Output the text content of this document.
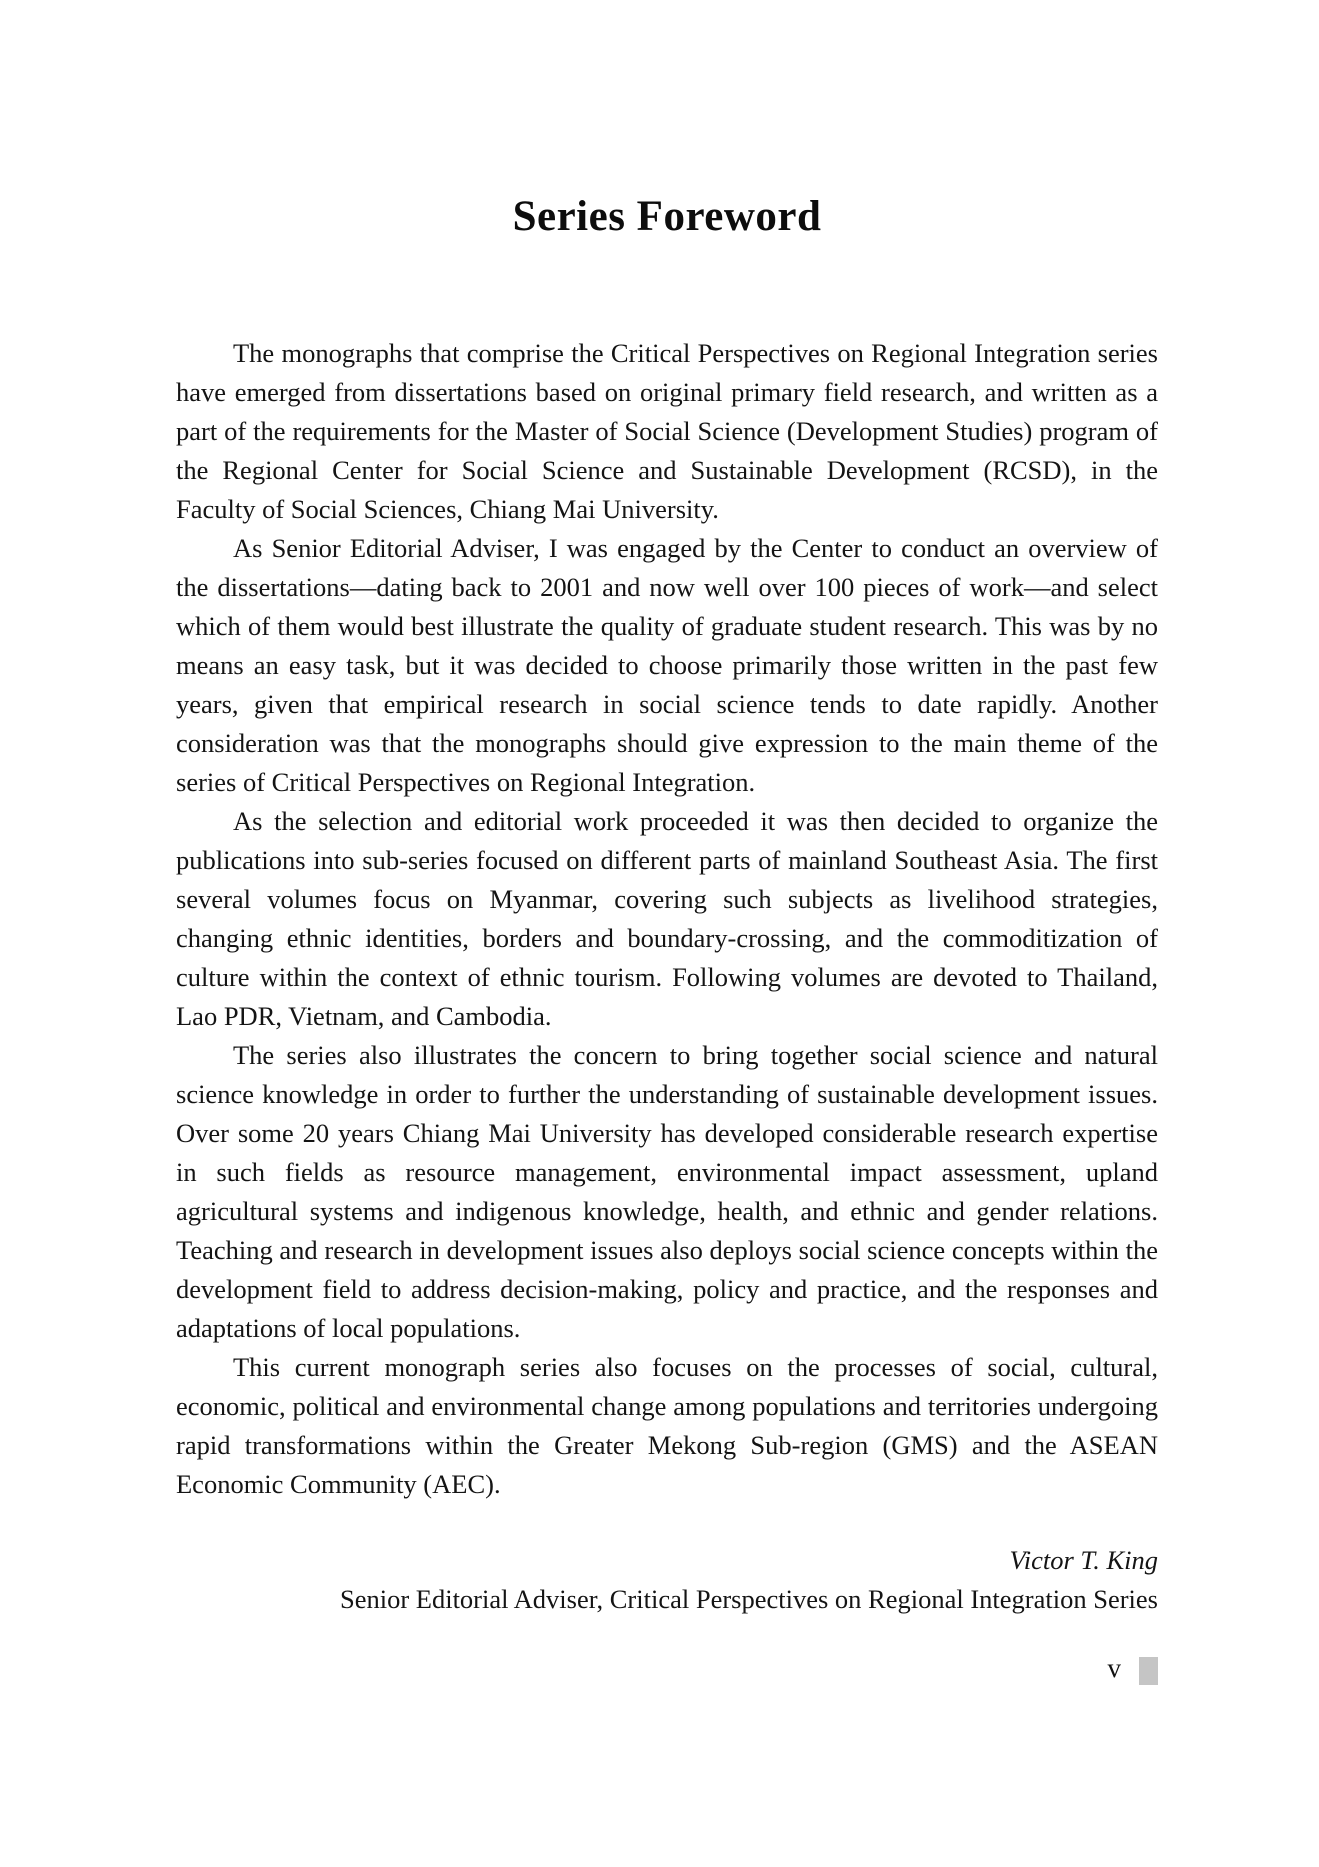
Series Foreword

The monographs that comprise the Critical Perspectives on Regional Integration series have emerged from dissertations based on original primary field research, and written as a part of the requirements for the Master of Social Science (Development Studies) program of the Regional Center for Social Science and Sustainable Development (RCSD), in the Faculty of Social Sciences, Chiang Mai University.

As Senior Editorial Adviser, I was engaged by the Center to conduct an overview of the dissertations—dating back to 2001 and now well over 100 pieces of work—and select which of them would best illustrate the quality of graduate student research. This was by no means an easy task, but it was decided to choose primarily those written in the past few years, given that empirical research in social science tends to date rapidly. Another consideration was that the monographs should give expression to the main theme of the series of Critical Perspectives on Regional Integration.

As the selection and editorial work proceeded it was then decided to organize the publications into sub-series focused on different parts of mainland Southeast Asia. The first several volumes focus on Myanmar, covering such subjects as livelihood strategies, changing ethnic identities, borders and boundary-crossing, and the commoditization of culture within the context of ethnic tourism. Following volumes are devoted to Thailand, Lao PDR, Vietnam, and Cambodia.

The series also illustrates the concern to bring together social science and natural science knowledge in order to further the understanding of sustainable development issues. Over some 20 years Chiang Mai University has developed considerable research expertise in such fields as resource management, environmental impact assessment, upland agricultural systems and indigenous knowledge, health, and ethnic and gender relations. Teaching and research in development issues also deploys social science concepts within the development field to address decision-making, policy and practice, and the responses and adaptations of local populations.

This current monograph series also focuses on the processes of social, cultural, economic, political and environmental change among populations and territories undergoing rapid transformations within the Greater Mekong Sub-region (GMS) and the ASEAN Economic Community (AEC).

Victor T. King
Senior Editorial Adviser, Critical Perspectives on Regional Integration Series
v
